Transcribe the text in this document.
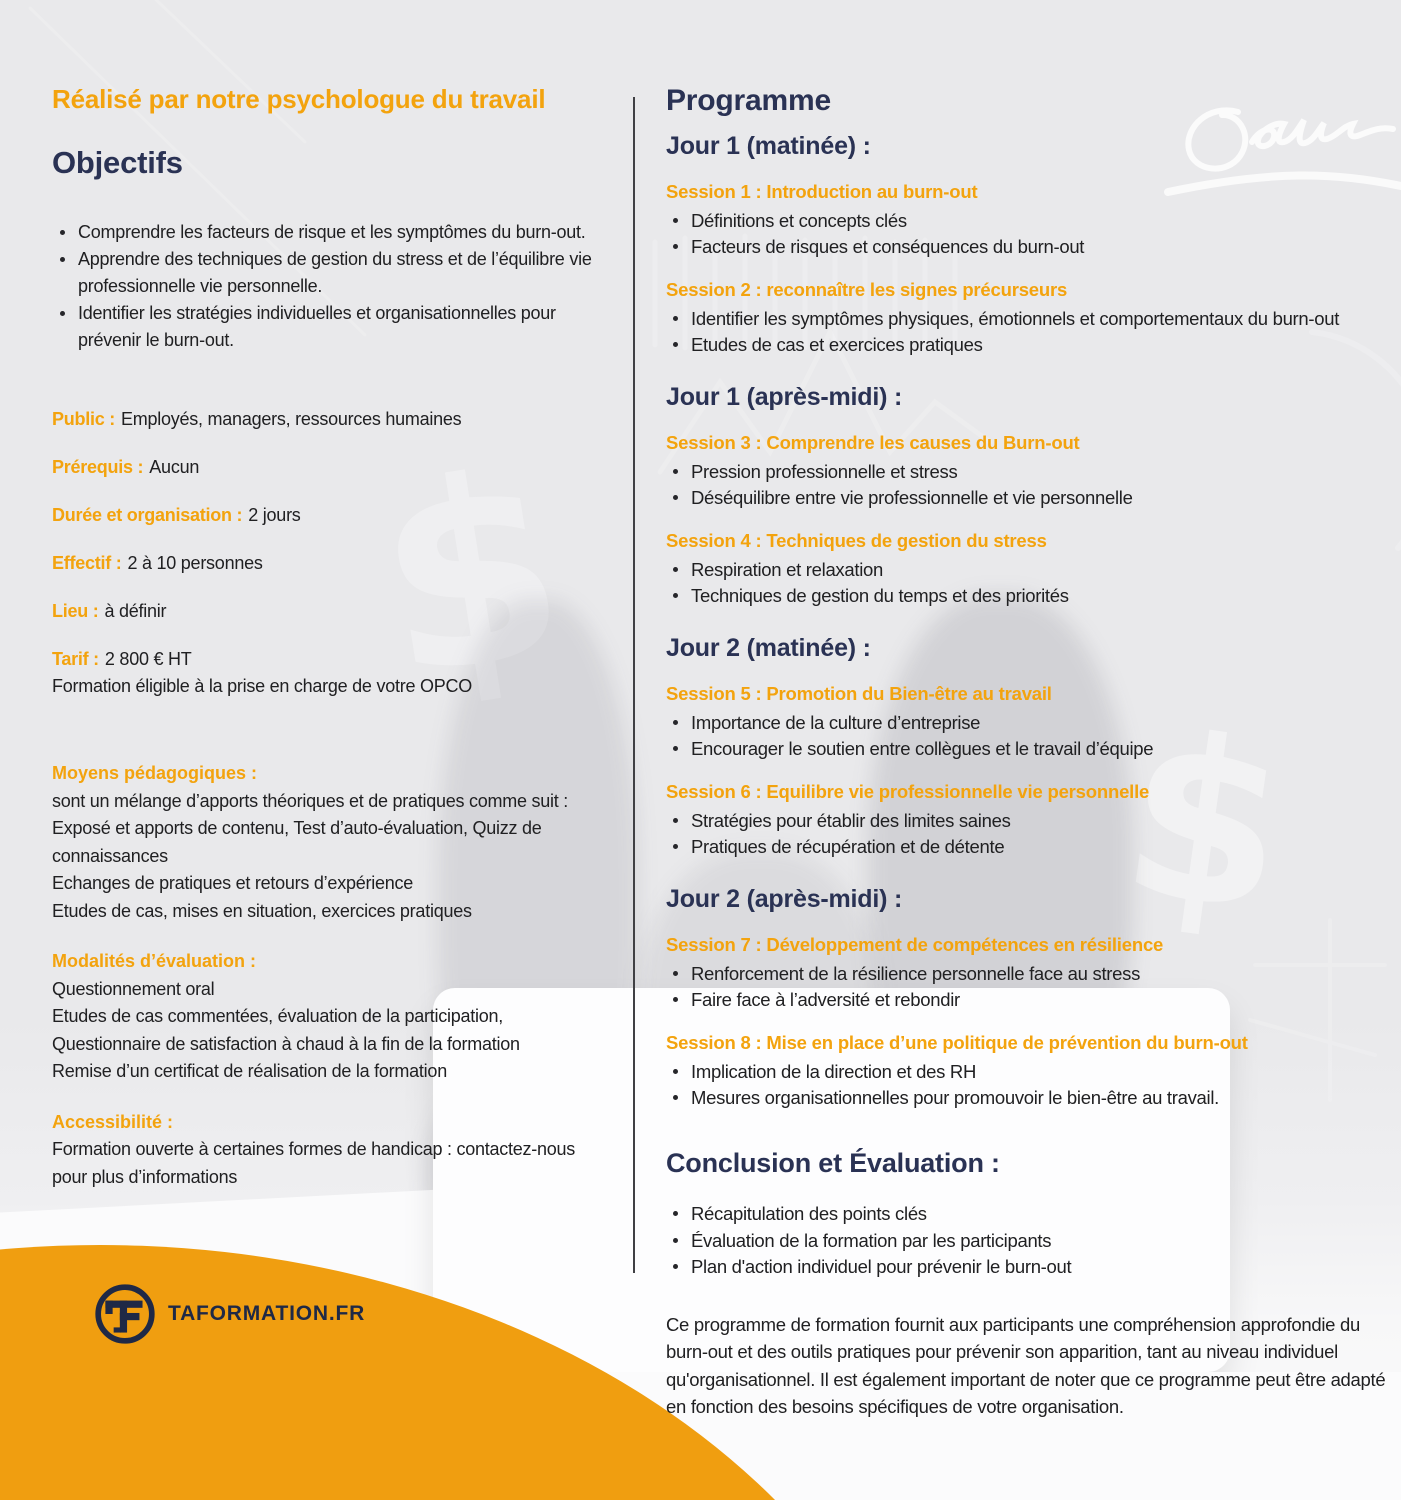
$
$
Réalisé par notre psychologue du travail
Objectifs
Comprendre les facteurs de risque et les symptômes du burn-out.
Apprendre des techniques de gestion du stress et de l’équilibre vie professionnelle vie personnelle.
Identifier les stratégies individuelles et organisationnelles pour prévenir le burn-out.
Public : Employés, managers, ressources humaines
Prérequis : Aucun
Durée et organisation : 2 jours
Effectif : 2 à 10 personnes
Lieu : à définir
Tarif : 2 800 € HT
Formation éligible à la prise en charge de votre OPCO
Moyens pédagogiques :
sont un mélange d’apports théoriques et de pratiques comme suit :
Exposé et apports de contenu, Test d’auto-évaluation, Quizz de connaissances
Echanges de pratiques et retours d’expérience
Etudes de cas, mises en situation, exercices pratiques
Modalités d’évaluation :
Questionnement oral
Etudes de cas commentées, évaluation de la participation,
Questionnaire de satisfaction à chaud à la fin de la formation
Remise d’un certificat de réalisation de la formation
Accessibilité :
Formation ouverte à certaines formes de handicap : contactez-nous pour plus d’informations
Programme
Jour 1 (matinée) :
Session 1 : Introduction au burn-out
Définitions et concepts clés
Facteurs de risques et conséquences du burn-out
Session 2 : reconnaître les signes précurseurs
Identifier les symptômes physiques, émotionnels et comportementaux du burn-out
Etudes de cas et exercices pratiques
Jour 1 (après-midi) :
Session 3 : Comprendre les causes du Burn-out
Pression professionnelle et stress
Déséquilibre entre vie professionnelle et vie personnelle
Session 4 : Techniques de gestion du stress
Respiration et relaxation
Techniques de gestion du temps et des priorités
Jour 2 (matinée) :
Session 5 : Promotion du Bien-être au travail
Importance de la culture d’entreprise
Encourager le soutien entre collègues et le travail d’équipe
Session 6 : Equilibre vie professionnelle vie personnelle
Stratégies pour établir des limites saines
Pratiques de récupération et de détente
Jour 2 (après-midi) :
Session 7 : Développement de compétences en résilience
Renforcement de la résilience personnelle face au stress
Faire face à l’adversité et rebondir
Session 8 : Mise en place d’une politique de prévention du burn-out
Implication de la direction et des RH
Mesures organisationnelles pour promouvoir le bien-être au travail.
Conclusion et Évaluation :
Récapitulation des points clés
Évaluation de la formation par les participants
Plan d'action individuel pour prévenir le burn-out

Ce programme de formation fournit aux participants une compréhension approfondie du burn-out et des outils pratiques pour prévenir son apparition, tant au niveau individuel qu'organisationnel. Il est également important de noter que ce programme peut être adapté en fonction des besoins spécifiques de votre organisation.

TAFORMATION.FR
